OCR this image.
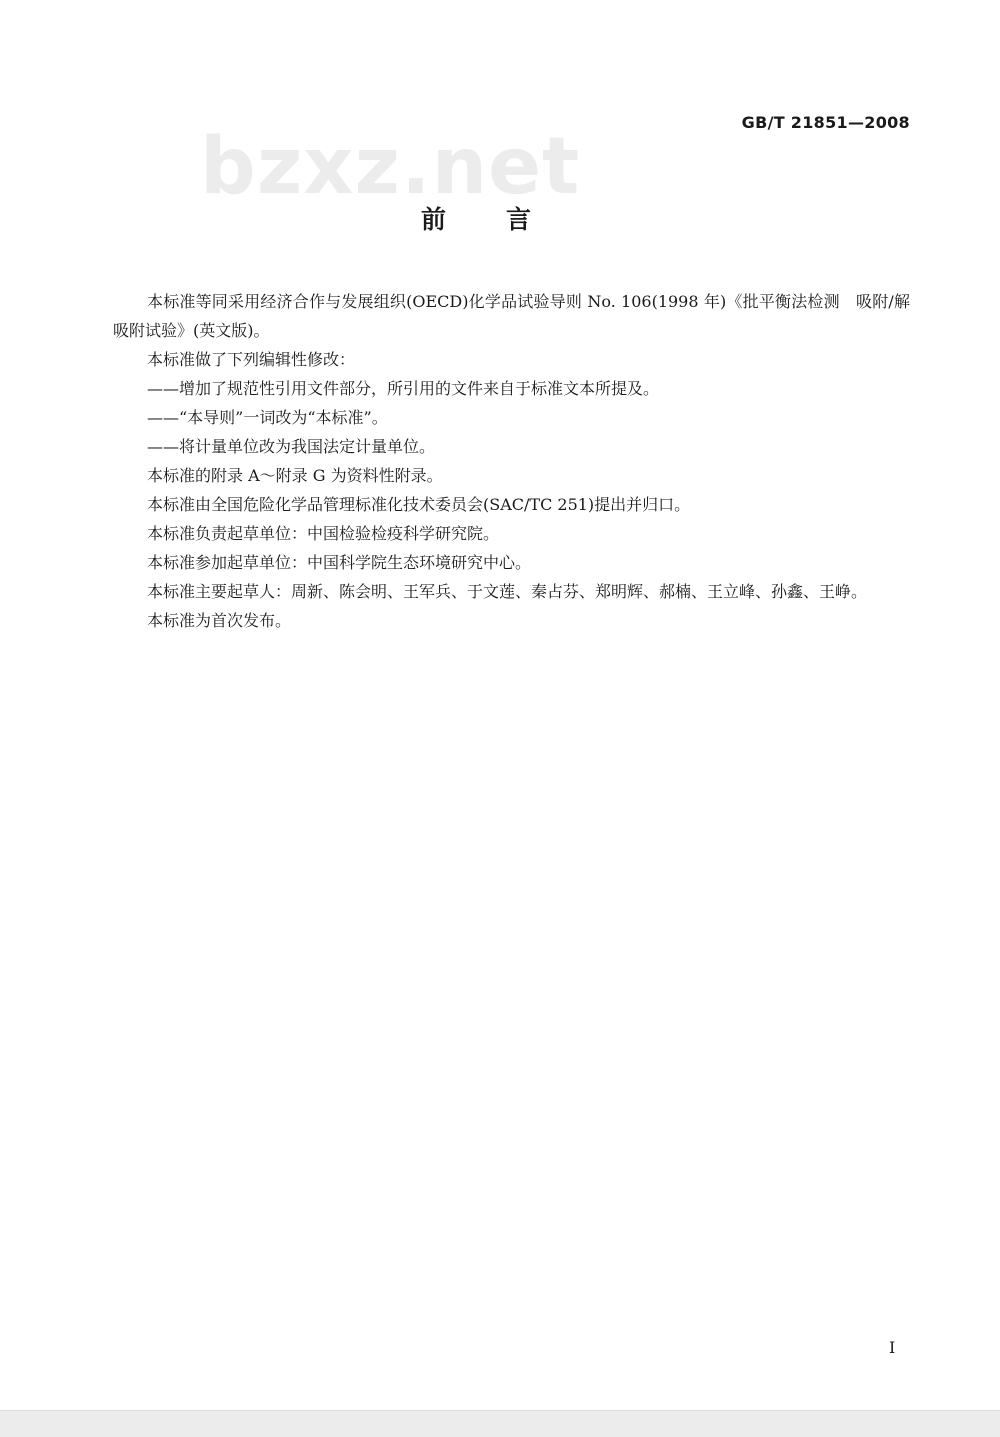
GB/T 21851—2008
bzxz.net
前言

本标准等同采用经济合作与发展组织(OECD)化学品试验导则 No. 106(1998 年)《批平衡法检测　吸附/解吸附试验》(英文版)。

本标准做了下列编辑性修改：

——增加了规范性引用文件部分，所引用的文件来自于标准文本所提及。

——“本导则”一词改为“本标准”。

——将计量单位改为我国法定计量单位。

本标准的附录 A～附录 G 为资料性附录。

本标准由全国危险化学品管理标准化技术委员会(SAC/TC 251)提出并归口。

本标准负责起草单位：中国检验检疫科学研究院。

本标准参加起草单位：中国科学院生态环境研究中心。

本标准主要起草人：周新、陈会明、王军兵、于文莲、秦占芬、郑明辉、郝楠、王立峰、孙鑫、王峥。

本标准为首次发布。

I
